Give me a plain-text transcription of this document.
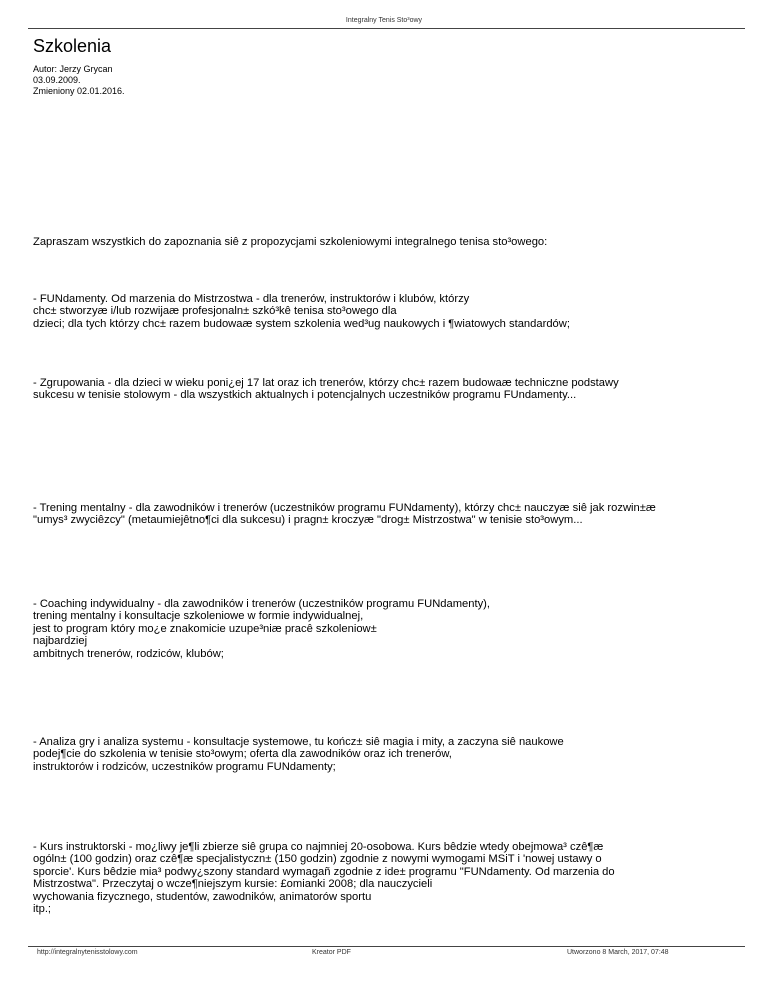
Integralny Tenis Sto³owy
Szkolenia
Autor: Jerzy Grycan
03.09.2009.
Zmieniony 02.01.2016.
Zapraszam wszystkich do zapoznania siê z propozycjami szkoleniowymi integralnego tenisa sto³owego:
- FUNdamenty. Od marzenia do Mistrzostwa - dla trenerów, instruktorów i klubów, którzy
chc± stworzyæ i/lub rozwijaæ profesjonaln± szkó³kê tenisa sto³owego dla
dzieci; dla tych którzy chc± razem budowaæ system szkolenia wed³ug naukowych i ¶wiatowych standardów;
- Zgrupowania - dla dzieci w wieku poni¿ej 17 lat oraz ich trenerów, którzy chc± razem budowaæ techniczne podstawy
sukcesu w tenisie stolowym - dla wszystkich aktualnych i potencjalnych uczestników programu FUndamenty...
- Trening mentalny - dla zawodników i trenerów (uczestników programu FUNdamenty), którzy chc± nauczyæ siê jak rozwin±æ
"umys³ zwyciêzcy" (metaumiejêtno¶ci dla sukcesu) i pragn± kroczyæ "drog± Mistrzostwa" w tenisie sto³owym...
- Coaching indywidualny - dla zawodników i trenerów (uczestników programu FUNdamenty),
trening mentalny i konsultacje szkoleniowe w formie indywidualnej,
jest to program który mo¿e znakomicie uzupe³niæ pracê szkoleniow±
najbardziej
ambitnych trenerów, rodziców, klubów;
- Analiza gry i analiza systemu - konsultacje systemowe, tu kończ± siê magia i mity, a zaczyna siê naukowe
podej¶cie do szkolenia w tenisie sto³owym; oferta dla zawodników oraz ich trenerów,
instruktorów i rodziców, uczestników programu FUNdamenty;
- Kurs instruktorski - mo¿liwy je¶li zbierze siê grupa co najmniej 20-osobowa. Kurs bêdzie wtedy obejmowa³ czê¶æ
ogóln± (100 godzin) oraz czê¶æ specjalistyczn± (150 godzin) zgodnie z nowymi wymogami MSiT i 'nowej ustawy o
sporcie'. Kurs bêdzie mia³ podwy¿szony standard wymagañ zgodnie z ide± programu "FUNdamenty. Od marzenia do
Mistrzostwa". Przeczytaj o wcze¶niejszym kursie: £omianki 2008; dla nauczycieli
wychowania fizycznego, studentów, zawodników, animatorów sportu
itp.;
http://integralnytenisstolowy.com	Kreator PDF	Utworzono 8 March, 2017, 07:48
